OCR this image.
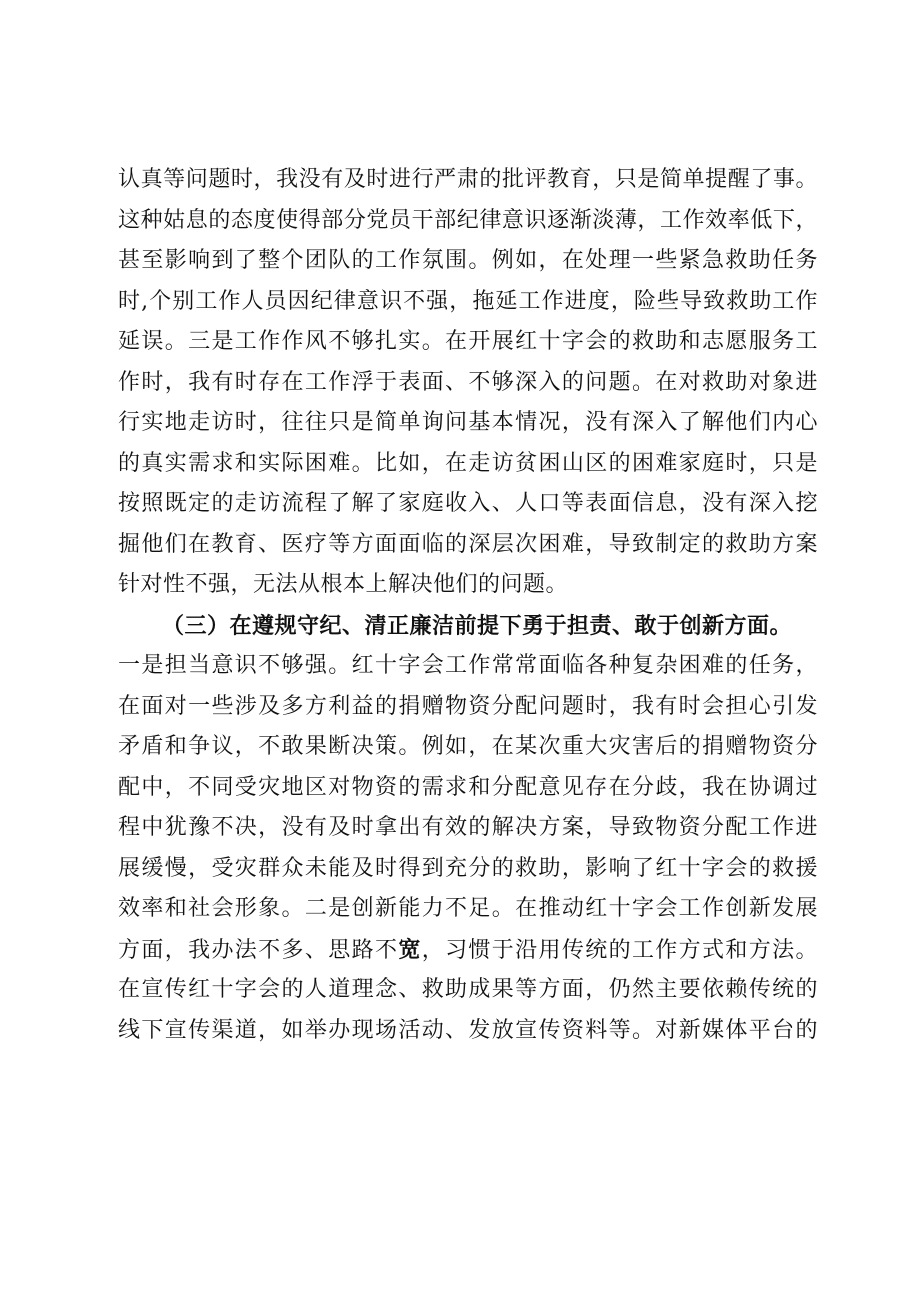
认真等问题时，我没有及时进行严肃的批评教育，只是简单提醒了事。
这种姑息的态度使得部分党员干部纪律意识逐渐淡薄，工作效率低下，
甚至影响到了整个团队的工作氛围。例如，在处理一些紧急救助任务
时,个别工作人员因纪律意识不强，拖延工作进度，险些导致救助工作
延误。三是工作作风不够扎实。在开展红十字会的救助和志愿服务工
作时，我有时存在工作浮于表面、不够深入的问题。在对救助对象进
行实地走访时，往往只是简单询问基本情况，没有深入了解他们内心
的真实需求和实际困难。比如，在走访贫困山区的困难家庭时，只是
按照既定的走访流程了解了家庭收入、人口等表面信息，没有深入挖
掘他们在教育、医疗等方面面临的深层次困难，导致制定的救助方案
针对性不强，无法从根本上解决他们的问题。
（三）在遵规守纪、清正廉洁前提下勇于担责、敢于创新方面。
一是担当意识不够强。红十字会工作常常面临各种复杂困难的任务，
在面对一些涉及多方利益的捐赠物资分配问题时，我有时会担心引发
矛盾和争议，不敢果断决策。例如，在某次重大灾害后的捐赠物资分
配中，不同受灾地区对物资的需求和分配意见存在分歧，我在协调过
程中犹豫不决，没有及时拿出有效的解决方案，导致物资分配工作进
展缓慢，受灾群众未能及时得到充分的救助，影响了红十字会的救援
效率和社会形象。二是创新能力不足。在推动红十字会工作创新发展
方面，我办法不多、思路不宽，习惯于沿用传统的工作方式和方法。
在宣传红十字会的人道理念、救助成果等方面，仍然主要依赖传统的
线下宣传渠道，如举办现场活动、发放宣传资料等。对新媒体平台的
